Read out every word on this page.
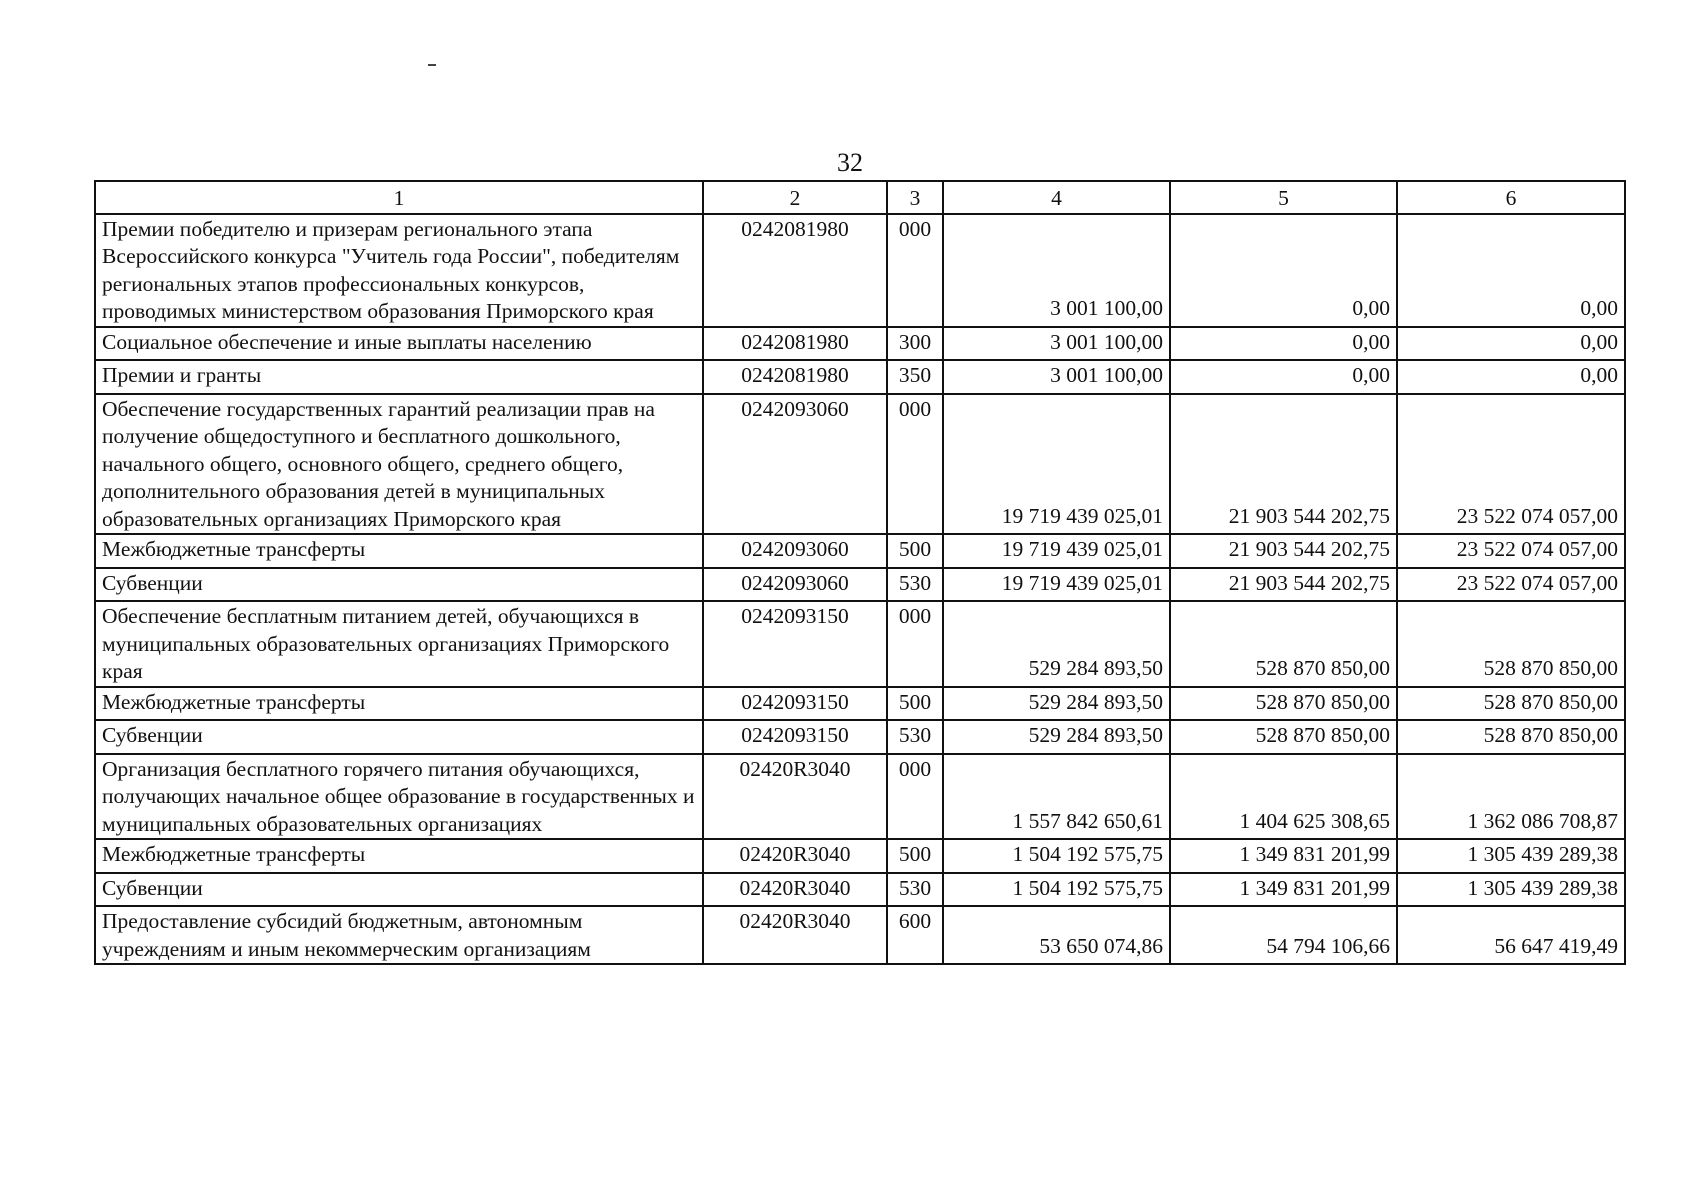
32
1	2	3	4	5	6
Премии победителю и призерам регионального этапа Всероссийского конкурса "Учитель года России", победителям региональных этапов профессиональных конкурсов, проводимых министерством образования Приморского края	0242081980	000	3 001 100,00	0,00	0,00
Социальное обеспечение и иные выплаты населению	0242081980	300	3 001 100,00	0,00	0,00
Премии и гранты	0242081980	350	3 001 100,00	0,00	0,00
Обеспечение государственных гарантий реализации прав на получение общедоступного и бесплатного дошкольного, начального общего, основного общего, среднего общего, дополнительного образования детей в муниципальных образовательных организациях Приморского края	0242093060	000	19 719 439 025,01	21 903 544 202,75	23 522 074 057,00
Межбюджетные трансферты	0242093060	500	19 719 439 025,01	21 903 544 202,75	23 522 074 057,00
Субвенции	0242093060	530	19 719 439 025,01	21 903 544 202,75	23 522 074 057,00
Обеспечение бесплатным питанием детей, обучающихся в муниципальных образовательных организациях Приморского края	0242093150	000	529 284 893,50	528 870 850,00	528 870 850,00
Межбюджетные трансферты	0242093150	500	529 284 893,50	528 870 850,00	528 870 850,00
Субвенции	0242093150	530	529 284 893,50	528 870 850,00	528 870 850,00
Организация бесплатного горячего питания обучающихся, получающих начальное общее образование в государственных и муниципальных образовательных организациях	02420R3040	000	1 557 842 650,61	1 404 625 308,65	1 362 086 708,87
Межбюджетные трансферты	02420R3040	500	1 504 192 575,75	1 349 831 201,99	1 305 439 289,38
Субвенции	02420R3040	530	1 504 192 575,75	1 349 831 201,99	1 305 439 289,38
Предоставление субсидий бюджетным, автономным учреждениям и иным некоммерческим организациям	02420R3040	600	53 650 074,86	54 794 106,66	56 647 419,49
